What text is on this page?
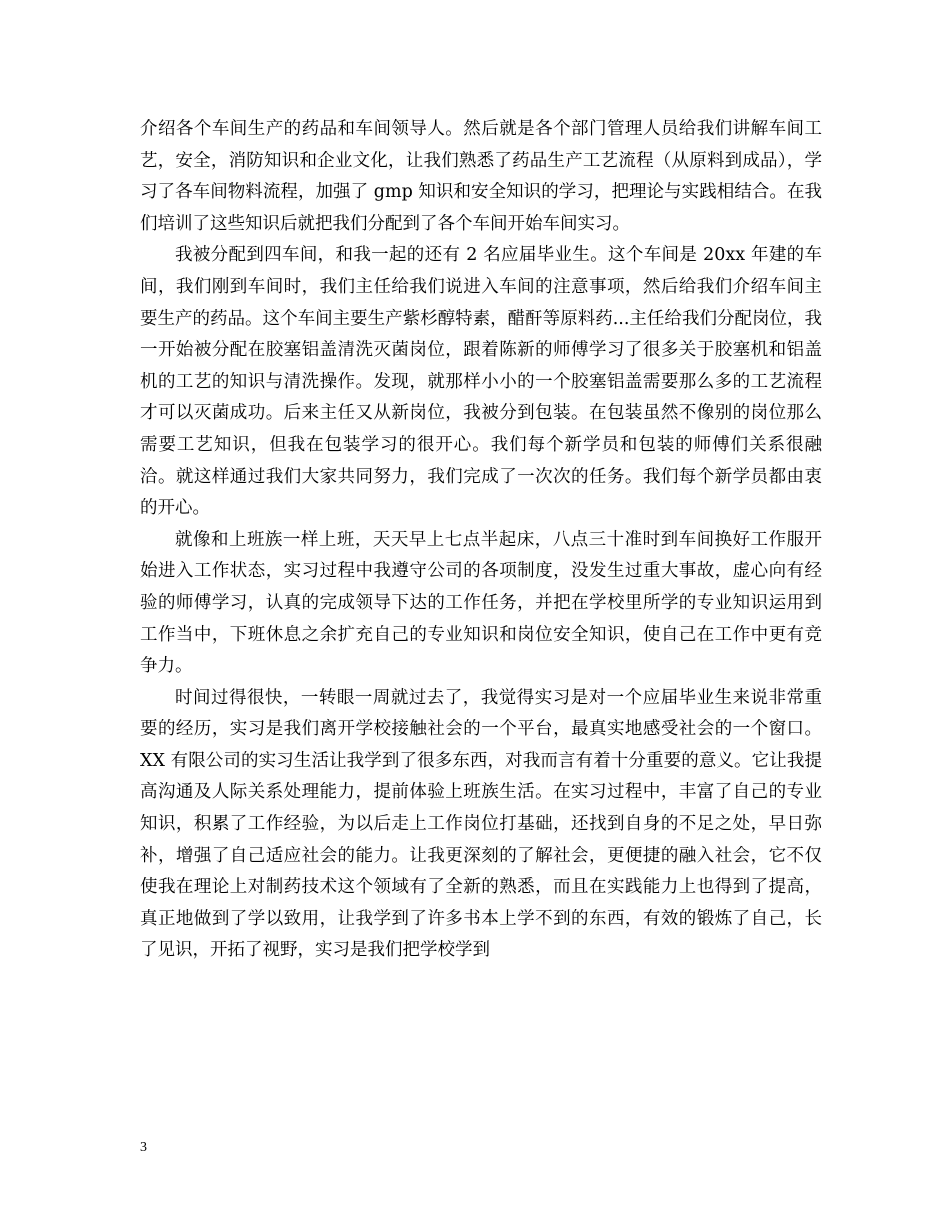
介绍各个车间生产的药品和车间领导人。然后就是各个部门管理人员给我们讲解车间工艺，安全，消防知识和企业文化，让我们熟悉了药品生产工艺流程（从原料到成品），学习了各车间物料流程，加强了 gmp 知识和安全知识的学习，把理论与实践相结合。在我们培训了这些知识后就把我们分配到了各个车间开始车间实习。

我被分配到四车间，和我一起的还有 2 名应届毕业生。这个车间是 20xx 年建的车间，我们刚到车间时，我们主任给我们说进入车间的注意事项，然后给我们介绍车间主要生产的药品。这个车间主要生产紫杉醇特素，醋酐等原料药...主任给我们分配岗位，我一开始被分配在胶塞铝盖清洗灭菌岗位，跟着陈新的师傅学习了很多关于胶塞机和铝盖机的工艺的知识与清洗操作。发现，就那样小小的一个胶塞铝盖需要那么多的工艺流程才可以灭菌成功。后来主任又从新岗位，我被分到包装。在包装虽然不像别的岗位那么需要工艺知识，但我在包装学习的很开心。我们每个新学员和包装的师傅们关系很融洽。就这样通过我们大家共同努力，我们完成了一次次的任务。我们每个新学员都由衷的开心。

就像和上班族一样上班，天天早上七点半起床，八点三十准时到车间换好工作服开始进入工作状态，实习过程中我遵守公司的各项制度，没发生过重大事故，虚心向有经验的师傅学习，认真的完成领导下达的工作任务，并把在学校里所学的专业知识运用到工作当中，下班休息之余扩充自己的专业知识和岗位安全知识，使自己在工作中更有竞争力。

时间过得很快，一转眼一周就过去了，我觉得实习是对一个应届毕业生来说非常重要的经历，实习是我们离开学校接触社会的一个平台，最真实地感受社会的一个窗口。XX 有限公司的实习生活让我学到了很多东西，对我而言有着十分重要的意义。它让我提高沟通及人际关系处理能力，提前体验上班族生活。在实习过程中，丰富了自己的专业知识，积累了工作经验，为以后走上工作岗位打基础，还找到自身的不足之处，早日弥补，增强了自己适应社会的能力。让我更深刻的了解社会，更便捷的融入社会，它不仅使我在理论上对制药技术这个领域有了全新的熟悉，而且在实践能力上也得到了提高，真正地做到了学以致用，让我学到了许多书本上学不到的东西，有效的锻炼了自己，长了见识，开拓了视野，实习是我们把学校学到

3
